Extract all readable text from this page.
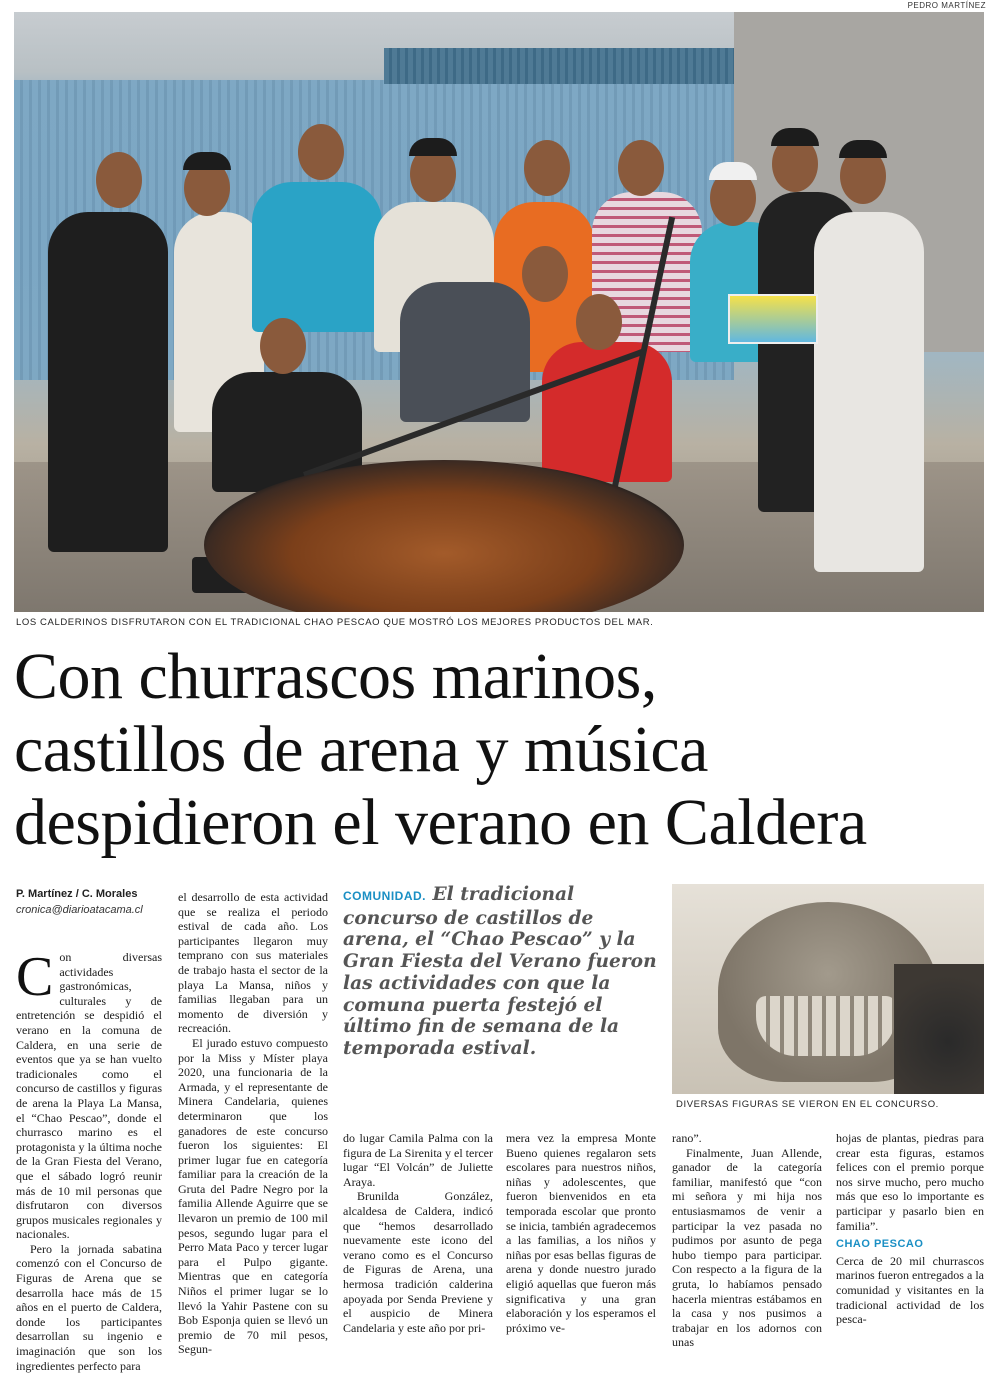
PEDRO MARTÍNEZ
LOS CALDERINOS DISFRUTARON CON EL TRADICIONAL CHAO PESCAO QUE MOSTRÓ LOS MEJORES PRODUCTOS DEL MAR.
Con churrascos marinos,
castillos de arena y música
despidieron el verano en Caldera
P. Martínez / C. Morales
cronica@diarioatacama.cl

Con diversas actividades gastronómicas, culturales y de entretención se despidió el verano en la comuna de Caldera, en una serie de eventos que ya se han vuelto tradicionales como el concurso de castillos y figuras de arena la Playa La Mansa, el “Chao Pescao”, donde el churrasco marino es el protagonista y la última noche de la Gran Fiesta del Verano, que el sábado logró reunir más de 10 mil personas que disfrutaron con diversos grupos musicales regionales y nacionales.

Pero la jornada sabatina comenzó con el Concurso de Figuras de Arena que se desarrolla hace más de 15 años en el puerto de Caldera, donde los participantes desarrollan su ingenio e imaginación que son los ingredientes perfecto para

el desarrollo de esta actividad que se realiza el periodo estival de cada año. Los participantes llegaron muy temprano con sus materiales de trabajo hasta el sector de la playa La Mansa, niños y familias llegaban para un momento de diversión y recreación.

El jurado estuvo compuesto por la Miss y Míster playa 2020, una funcionaria de la Armada, y el representante de Minera Candelaria, quienes determinaron que los ganadores de este concurso fueron los siguientes: El primer lugar fue en categoría familiar para la creación de la Gruta del Padre Negro por la familia Allende Aguirre que se llevaron un premio de 100 mil pesos, segundo lugar para el Perro Mata Paco y tercer lugar para el Pulpo gigante. Mientras que en categoría Niños el primer lugar se lo llevó la Yahir Pastene con su Bob Esponja quien se llevó un premio de 70 mil pesos, Segun-

COMUNIDAD. El tradicional concurso de castillos de arena, el “Chao Pescao” y la Gran Fiesta del Verano fueron las actividades con que la comuna puerta festejó el último fin de semana de la temporada estival.
DIVERSAS FIGURAS SE VIERON EN EL CONCURSO.

do lugar Camila Palma con la figura de La Sirenita y el tercer lugar “El Volcán” de Juliette Araya.

Brunilda González, alcaldesa de Caldera, indicó que “hemos desarrollado nuevamente este icono del verano como es el Concurso de Figuras de Arena, una hermosa tradición calderina apoyada por Senda Previene y el auspicio de Minera Candelaria y este año por pri-

mera vez la empresa Monte Bueno quienes regalaron sets escolares para nuestros niños, niñas y adolescentes, que fueron bienvenidos en eta temporada escolar que pronto se inicia, también agradecemos a las familias, a los niños y niñas por esas bellas figuras de arena y donde nuestro jurado eligió aquellas que fueron más significativa y una gran elaboración y los esperamos el próximo ve-

rano”.

Finalmente, Juan Allende, ganador de la categoría familiar, manifestó que “con mi señora y mi hija nos entusiasmamos de venir a participar la vez pasada no pudimos por asunto de pega hubo tiempo para participar. Con respecto a la figura de la gruta, lo habíamos pensado hacerla mientras estábamos en la casa y nos pusimos a trabajar en los adornos con unas

hojas de plantas, piedras para crear esta figuras, estamos felices con el premio porque nos sirve mucho, pero mucho más que eso lo importante es participar y pasarlo bien en familia”.

CHAO PESCAO

Cerca de 20 mil churrascos marinos fueron entregados a la comunidad y visitantes en la tradicional actividad de los pesca-
